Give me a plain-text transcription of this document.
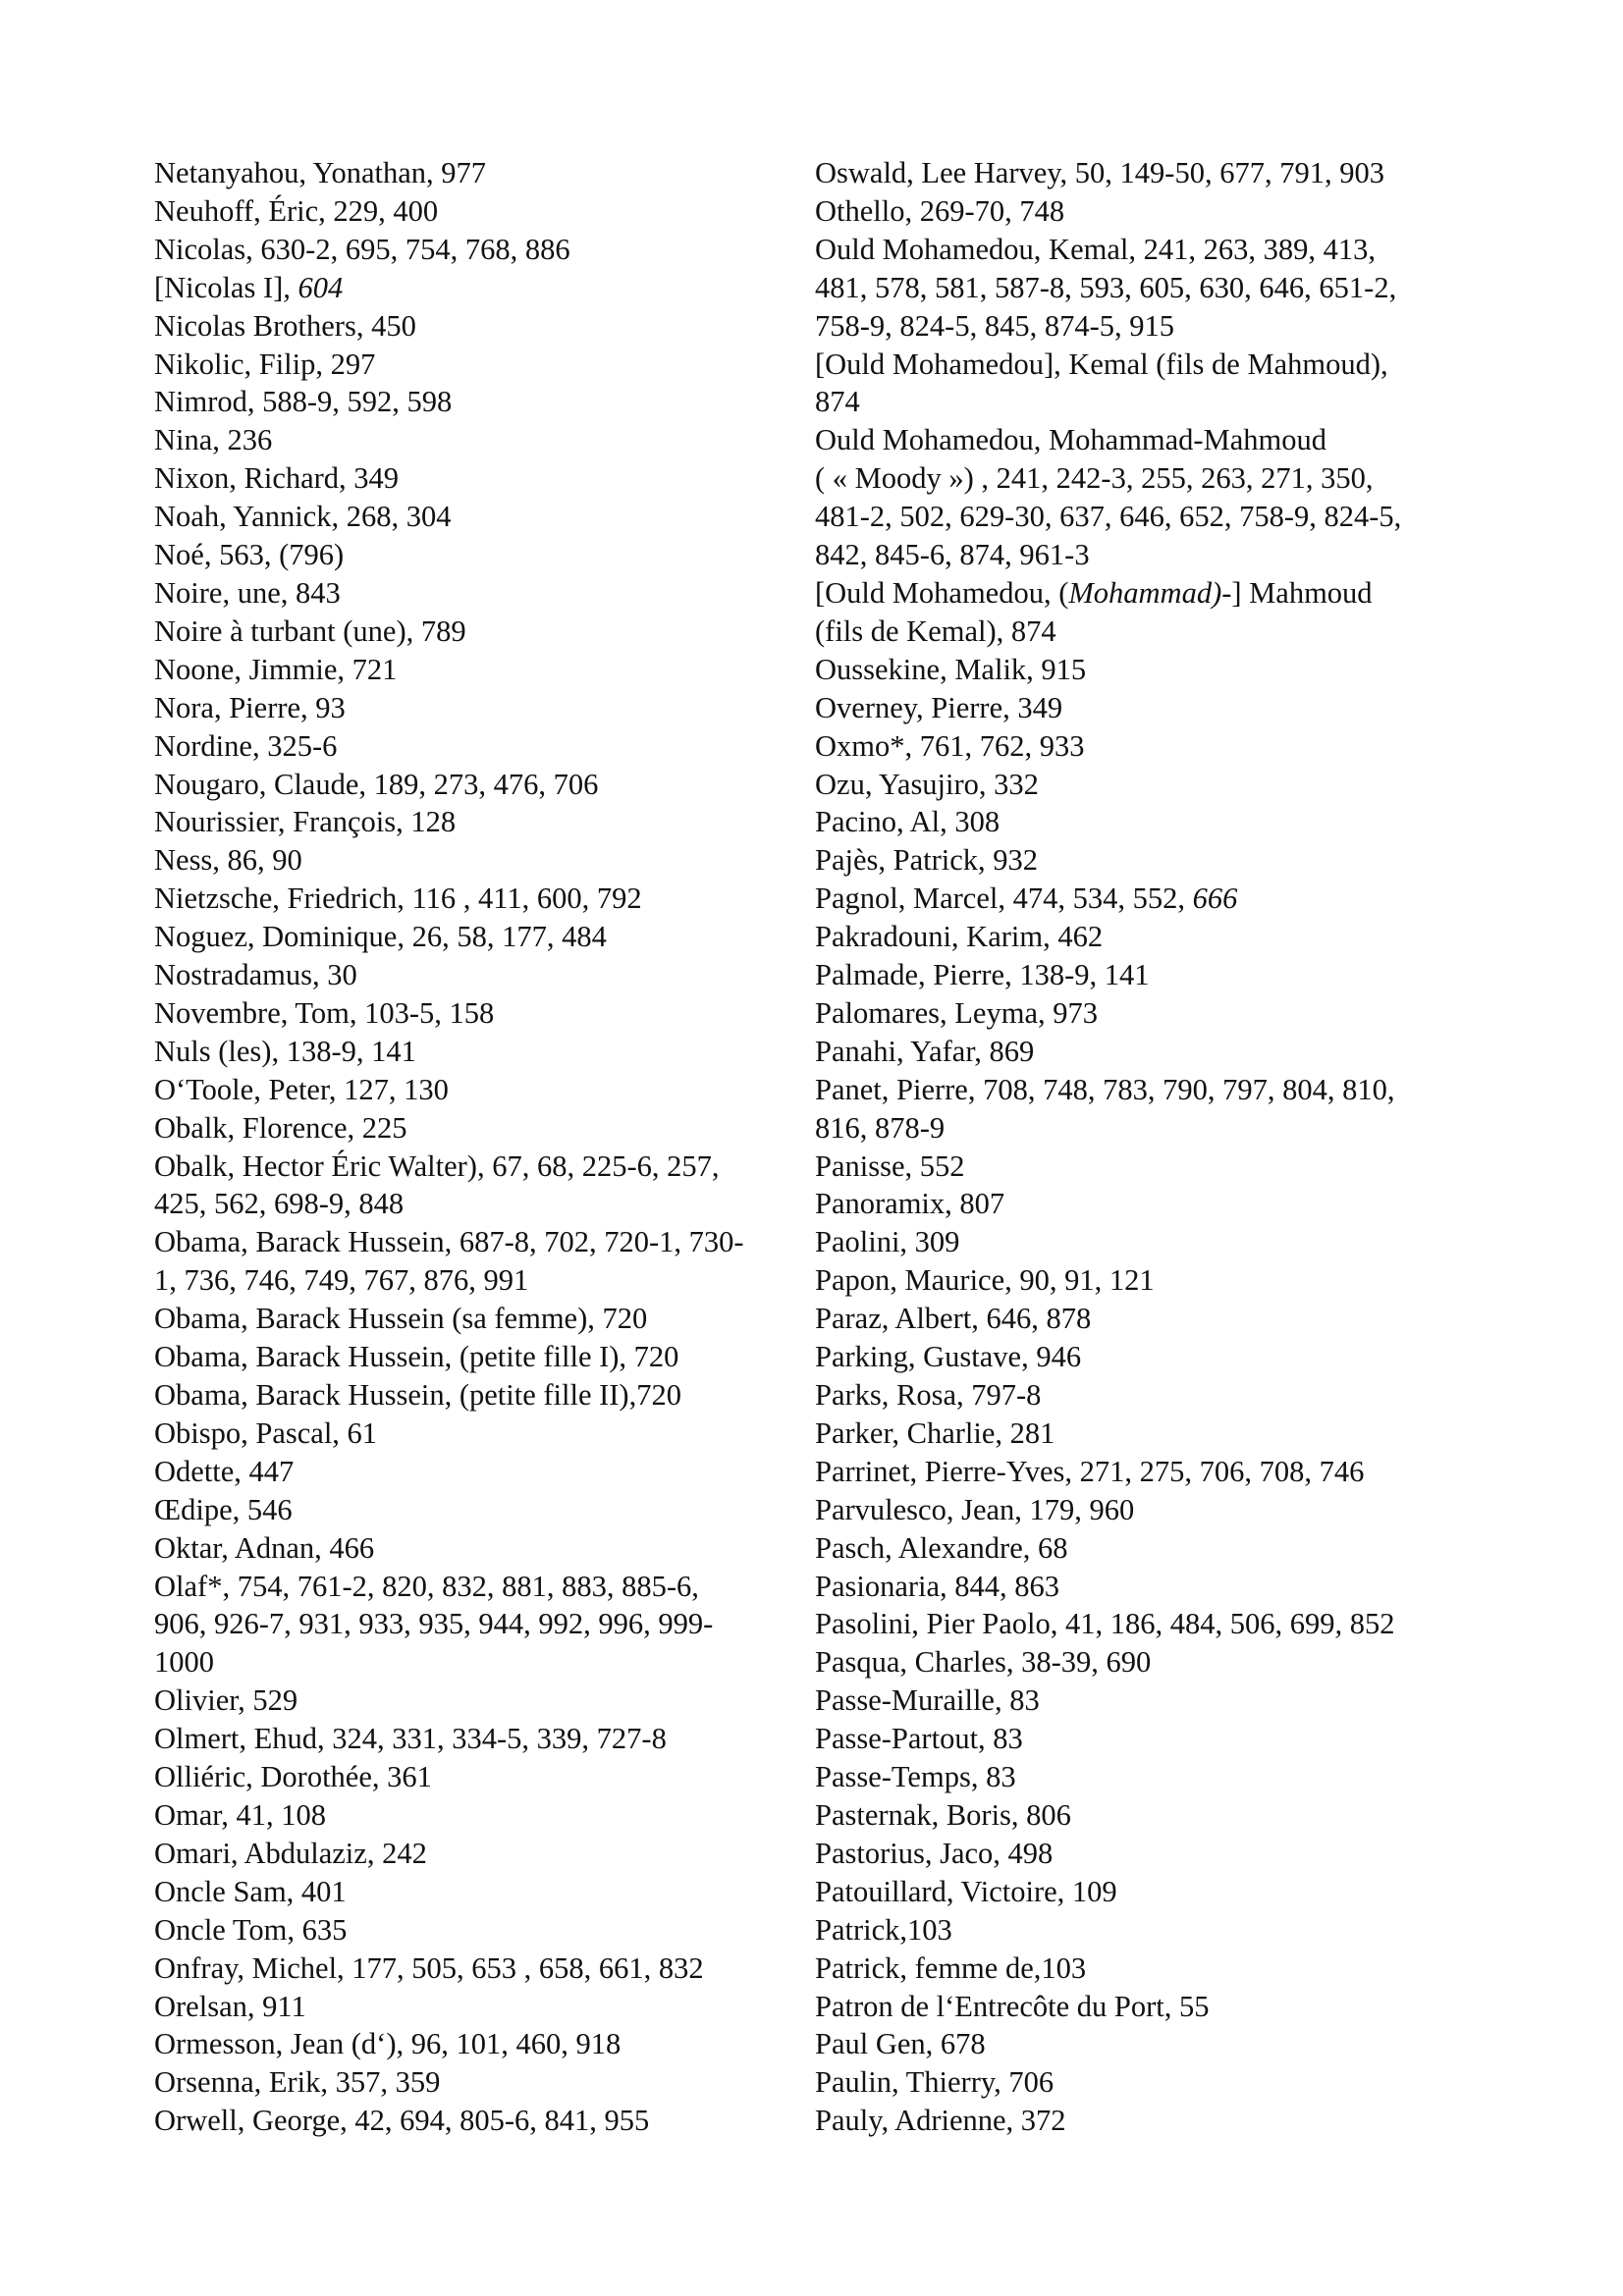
Netanyahou, Yonathan, 977
Neuhoff, Éric, 229, 400
Nicolas, 630-2, 695, 754, 768, 886
[Nicolas I], 604
Nicolas Brothers, 450
Nikolic, Filip, 297
Nimrod, 588-9, 592, 598
Nina, 236
Nixon, Richard, 349
Noah, Yannick, 268, 304
Noé, 563, (796)
Noire, une, 843
Noire à turbant (une), 789
Noone, Jimmie, 721
Nora, Pierre, 93
Nordine, 325-6
Nougaro, Claude, 189, 273, 476, 706
Nourissier, François, 128
Ness, 86, 90
Nietzsche, Friedrich, 116 , 411, 600, 792
Noguez, Dominique, 26, 58, 177, 484
Nostradamus, 30
Novembre, Tom, 103-5, 158
Nuls (les), 138-9, 141
O‘Toole, Peter, 127, 130
Obalk, Florence, 225
Obalk, Hector Éric Walter), 67, 68, 225-6, 257,
425, 562, 698-9, 848
Obama, Barack Hussein, 687-8, 702, 720-1, 730-
1, 736, 746, 749, 767, 876, 991
Obama, Barack Hussein (sa femme), 720
Obama, Barack Hussein, (petite fille I), 720
Obama, Barack Hussein, (petite fille II),720
Obispo, Pascal, 61
Odette, 447
Œdipe, 546
Oktar, Adnan, 466
Olaf*, 754, 761-2, 820, 832, 881, 883, 885-6,
906, 926-7, 931, 933, 935, 944, 992, 996, 999-
1000
Olivier, 529
Olmert, Ehud, 324, 331, 334-5, 339, 727-8
Olliéric, Dorothée, 361
Omar, 41, 108
Omari, Abdulaziz, 242
Oncle Sam, 401
Oncle Tom, 635
Onfray, Michel, 177, 505, 653 , 658, 661, 832
Orelsan, 911
Ormesson, Jean (d‘), 96, 101, 460, 918
Orsenna, Erik, 357, 359
Orwell, George, 42, 694, 805-6, 841, 955
Oswald, Lee Harvey, 50, 149-50, 677, 791, 903
Othello, 269-70, 748
Ould Mohamedou, Kemal, 241, 263, 389, 413,
481, 578, 581, 587-8, 593, 605, 630, 646, 651-2,
758-9, 824-5, 845, 874-5, 915
[Ould Mohamedou], Kemal (fils de Mahmoud),
874
Ould Mohamedou, Mohammad-Mahmoud
( « Moody ») , 241, 242-3, 255, 263, 271, 350,
481-2, 502, 629-30, 637, 646, 652, 758-9, 824-5,
842, 845-6, 874, 961-3
[Ould Mohamedou, (Mohammad)-] Mahmoud
(fils de Kemal), 874
Oussekine, Malik, 915
Overney, Pierre, 349
Oxmo*, 761, 762, 933
Ozu, Yasujiro, 332
Pacino, Al, 308
Pajès, Patrick, 932
Pagnol, Marcel, 474, 534, 552, 666
Pakradouni, Karim, 462
Palmade, Pierre, 138-9, 141
Palomares, Leyma, 973
Panahi, Yafar, 869
Panet, Pierre, 708, 748, 783, 790, 797, 804, 810,
816, 878-9
Panisse, 552
Panoramix, 807
Paolini, 309
Papon, Maurice, 90, 91, 121
Paraz, Albert, 646, 878
Parking, Gustave, 946
Parks, Rosa, 797-8
Parker, Charlie, 281
Parrinet, Pierre-Yves, 271, 275, 706, 708, 746
Parvulesco, Jean, 179, 960
Pasch, Alexandre, 68
Pasionaria, 844, 863
Pasolini, Pier Paolo, 41, 186, 484, 506, 699, 852
Pasqua, Charles, 38-39, 690
Passe-Muraille, 83
Passe-Partout, 83
Passe-Temps, 83
Pasternak, Boris, 806
Pastorius, Jaco, 498
Patouillard, Victoire, 109
Patrick,103
Patrick, femme de,103
Patron de l‘Entrecôte du Port, 55
Paul Gen, 678
Paulin, Thierry, 706
Pauly, Adrienne, 372
